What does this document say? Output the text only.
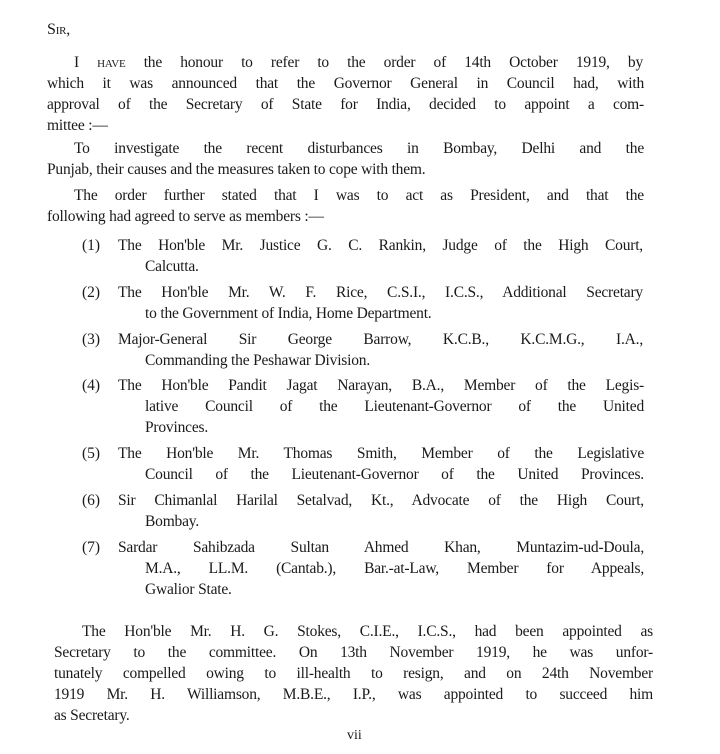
Sir,
I have the honour to refer to the order of 14th October 1919, by
which it was announced that the Governor General in Council had, with
approval of the Secretary of State for India, decided to appoint a com-
mittee :—
To investigate the recent disturbances in Bombay, Delhi and the
Punjab, their causes and the measures taken to cope with them.
The order further stated that I was to act as President, and that the
following had agreed to serve as members :—
(1) The Hon'ble Mr. Justice G. C. Rankin, Judge of the High Court,
Calcutta.
(2) The Hon'ble Mr. W. F. Rice, C.S.I., I.C.S., Additional Secretary
to the Government of India, Home Department.
(3) Major-General Sir George Barrow, K.C.B., K.C.M.G., I.A.,
Commanding the Peshawar Division.
(4) The Hon'ble Pandit Jagat Narayan, B.A., Member of the Legis-
lative Council of the Lieutenant-Governor of the United
Provinces.
(5) The Hon'ble Mr. Thomas Smith, Member of the Legislative
Council of the Lieutenant-Governor of the United Provinces.
(6) Sir Chimanlal Harilal Setalvad, Kt., Advocate of the High Court,
Bombay.
(7) Sardar Sahibzada Sultan Ahmed Khan, Muntazim-ud-Doula,
M.A., LL.M. (Cantab.), Bar.-at-Law, Member for Appeals,
Gwalior State.
The Hon'ble Mr. H. G. Stokes, C.I.E., I.C.S., had been appointed as
Secretary to the committee. On 13th November 1919, he was unfor-
tunately compelled owing to ill-health to resign, and on 24th November
1919 Mr. H. Williamson, M.B.E., I.P., was appointed to succeed him
as Secretary.
vii
